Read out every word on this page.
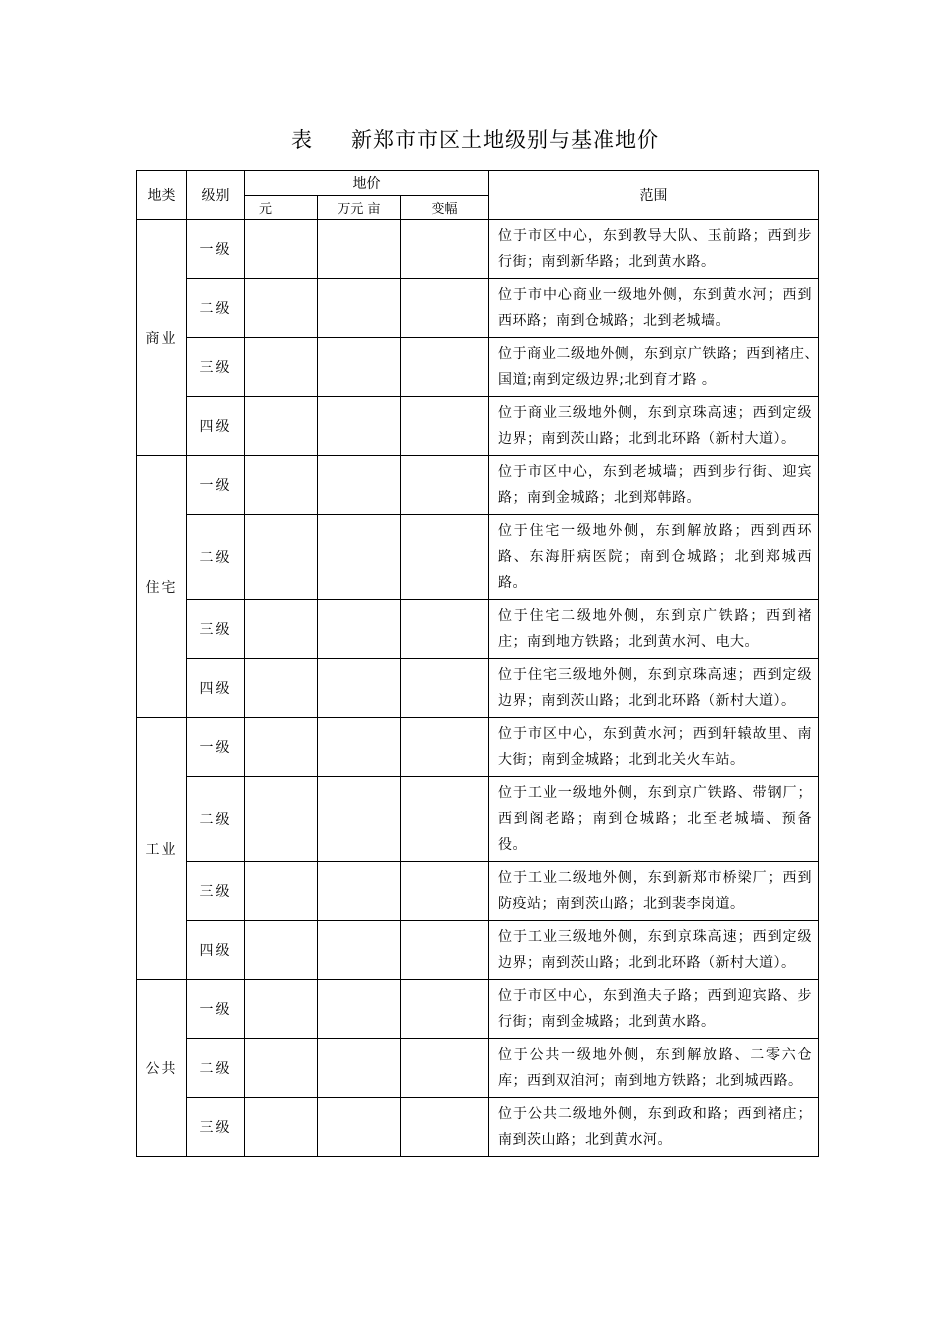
表 新郑市市区土地级别与基准地价
地类	级别	地价			范围
		元	万元 亩	变幅	
商业	一级				位于市区中心，东到教导大队、玉前路；西到步行街；南到新华路；北到黄水路。
	二级				位于市中心商业一级地外侧，东到黄水河；西到西环路；南到仓城路；北到老城墙。
	三级				位于商业二级地外侧，东到京广铁路；西到褚庄、　国道;南到定级边界;北到育才路 。
	四级				位于商业三级地外侧，东到京珠高速；西到定级边界；南到茨山路；北到北环路（新村大道）。
住宅	一级				位于市区中心，东到老城墙；西到步行街、迎宾路；南到金城路；北到郑韩路。
	二级				位于住宅一级地外侧，东到解放路；西到西环路、东海肝病医院；南到仓城路；北到郑城西路。
	三级				位于住宅二级地外侧，东到京广铁路；西到褚庄；南到地方铁路；北到黄水河、电大。
	四级				位于住宅三级地外侧，东到京珠高速；西到定级边界；南到茨山路；北到北环路（新村大道）。
工业	一级				位于市区中心，东到黄水河；西到轩辕故里、南大街；南到金城路；北到北关火车站。
	二级				位于工业一级地外侧，东到京广铁路、带钢厂；西到阁老路；南到仓城路；北至老城墙、预备役。
	三级				位于工业二级地外侧，东到新郑市桥梁厂；西到防疫站；南到茨山路；北到裴李岗道。
	四级				位于工业三级地外侧，东到京珠高速；西到定级边界；南到茨山路；北到北环路（新村大道）。
公共	一级				位于市区中心，东到渔夫子路；西到迎宾路、步行街；南到金城路；北到黄水路。
	二级				位于公共一级地外侧，东到解放路、二零六仓库；西到双洎河；南到地方铁路；北到城西路。
	三级				位于公共二级地外侧，东到政和路；西到褚庄；南到茨山路；北到黄水河。
